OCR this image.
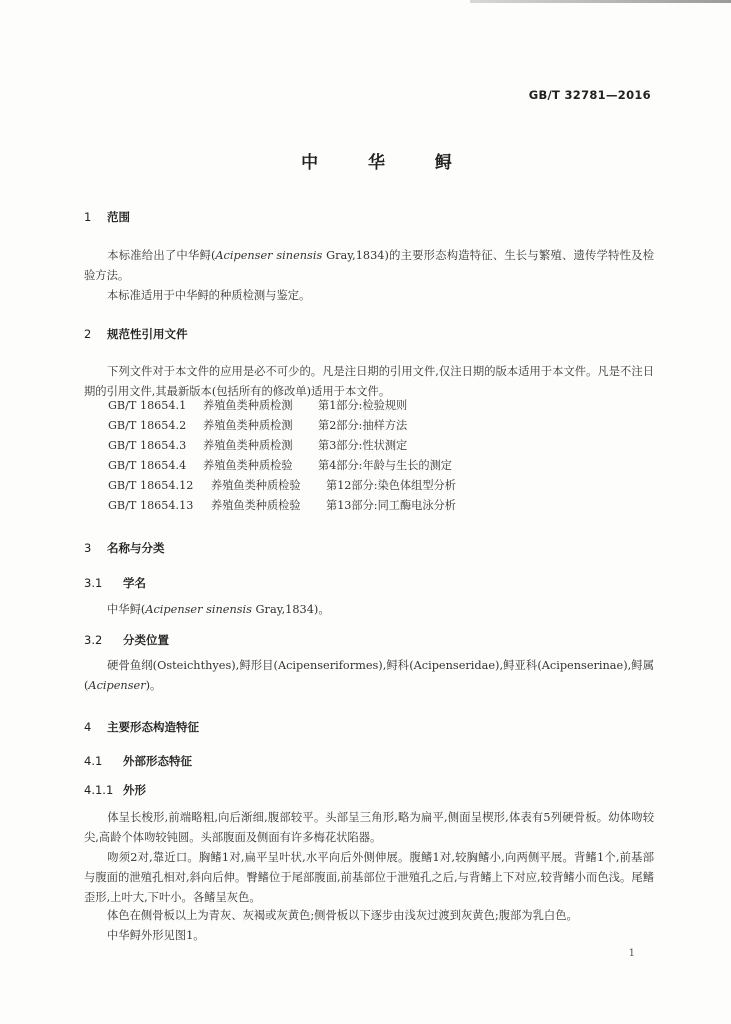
GB/T 32781—2016
中 华 鲟
1 范围
本标准给出了中华鲟(Acipenser sinensis Gray,1834)的主要形态构造特征、生长与繁殖、遗传学特性及检验方法。
本标准适用于中华鲟的种质检测与鉴定。
2 规范性引用文件
下列文件对于本文件的应用是必不可少的。凡是注日期的引用文件,仅注日期的版本适用于本文件。凡是不注日期的引用文件,其最新版本(包括所有的修改单)适用于本文件。
GB/T 18654.1 养殖鱼类种质检测 第1部分:检验规则
GB/T 18654.2 养殖鱼类种质检测 第2部分:抽样方法
GB/T 18654.3 养殖鱼类种质检测 第3部分:性状测定
GB/T 18654.4 养殖鱼类种质检验 第4部分:年龄与生长的测定
GB/T 18654.12 养殖鱼类种质检验 第12部分:染色体组型分析
GB/T 18654.13 养殖鱼类种质检验 第13部分:同工酶电泳分析
3 名称与分类
3.1 学名
中华鲟(Acipenser sinensis Gray,1834)。
3.2 分类位置
硬骨鱼纲(Osteichthyes),鲟形目(Acipenseriformes),鲟科(Acipenseridae),鲟亚科(Acipenserinae),鲟属(Acipenser)。
4 主要形态构造特征
4.1 外部形态特征
4.1.1 外形
体呈长梭形,前端略粗,向后渐细,腹部较平。头部呈三角形,略为扁平,侧面呈楔形,体表有5列硬骨板。幼体吻较尖,高龄个体吻较钝圆。头部腹面及侧面有许多梅花状陷器。
吻须2对,靠近口。胸鳍1对,扁平呈叶状,水平向后外侧伸展。腹鳍1对,较胸鳍小,向两侧平展。背鳍1个,前基部与腹面的泄殖孔相对,斜向后伸。臀鳍位于尾部腹面,前基部位于泄殖孔之后,与背鳍上下对应,较背鳍小而色浅。尾鳍歪形,上叶大,下叶小。各鳍呈灰色。
体色在侧骨板以上为青灰、灰褐或灰黄色;侧骨板以下逐步由浅灰过渡到灰黄色;腹部为乳白色。
中华鲟外形见图1。
1
